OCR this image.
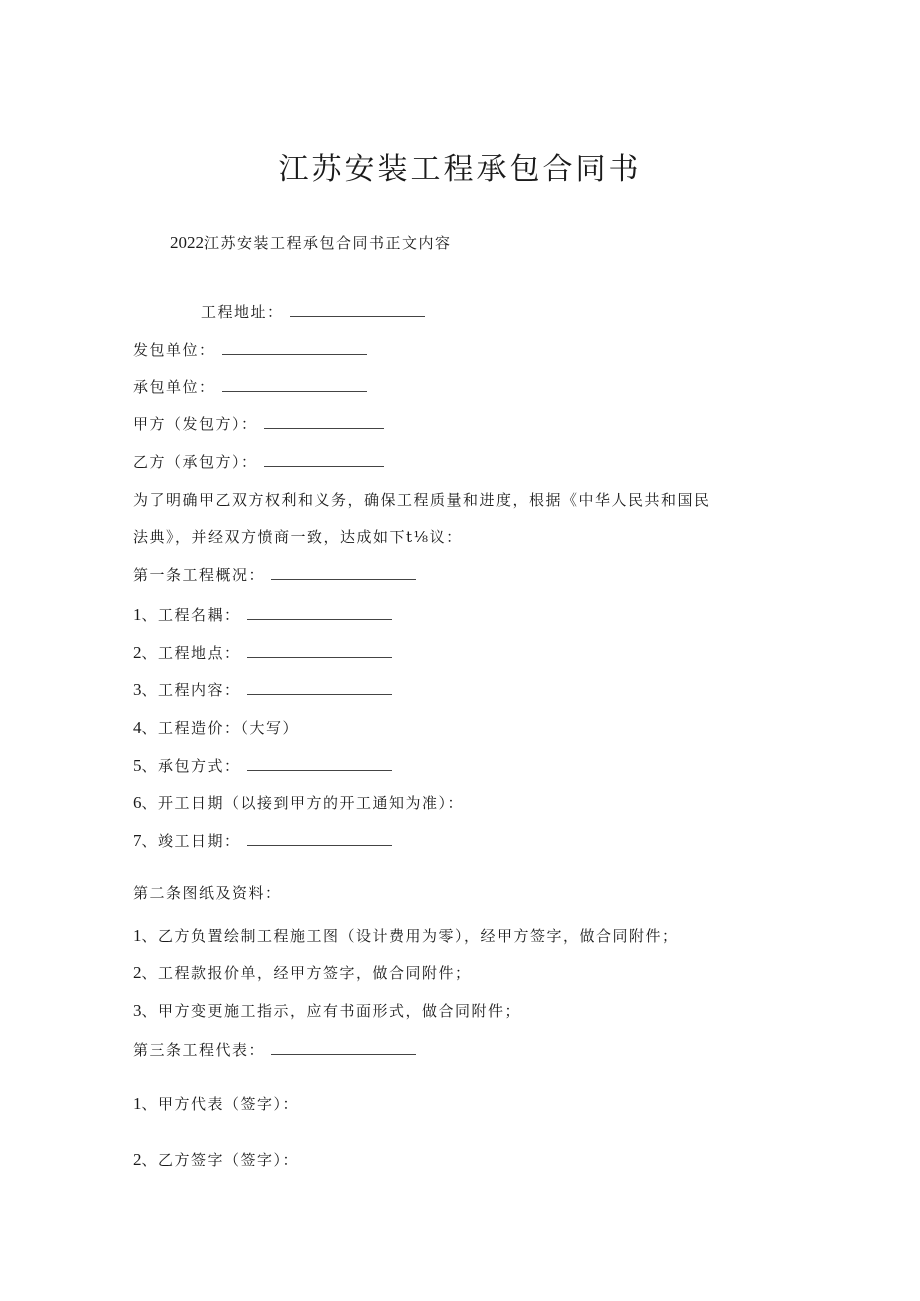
江苏安装工程承包合同书
2022江苏安装工程承包合同书正文内容
工程地址：
发包单位：
承包单位：
甲方（发包方）：
乙方（承包方）：
为了明确甲乙双方权利和义务，确保工程质量和进度，根据《中华人民共和国民
法典》，并经双方愤商一致，达成如下t⅛议：
第一条工程概况：
1、工程名耦：
2、工程地点：
3、工程内容：
4、工程造价：（大写）
5、承包方式：
6、开工日期（以接到甲方的开工通知为准）：
7、竣工日期：
第二条图纸及资料：
1、乙方负置绘制工程施工图（设计费用为零），经甲方签字，做合同附件；
2、工程款报价单，经甲方签字，做合同附件；
3、甲方变更施工指示，应有书面形式，做合同附件；
第三条工程代表：
1、甲方代表（签字）：
2、乙方签字（签字）：
